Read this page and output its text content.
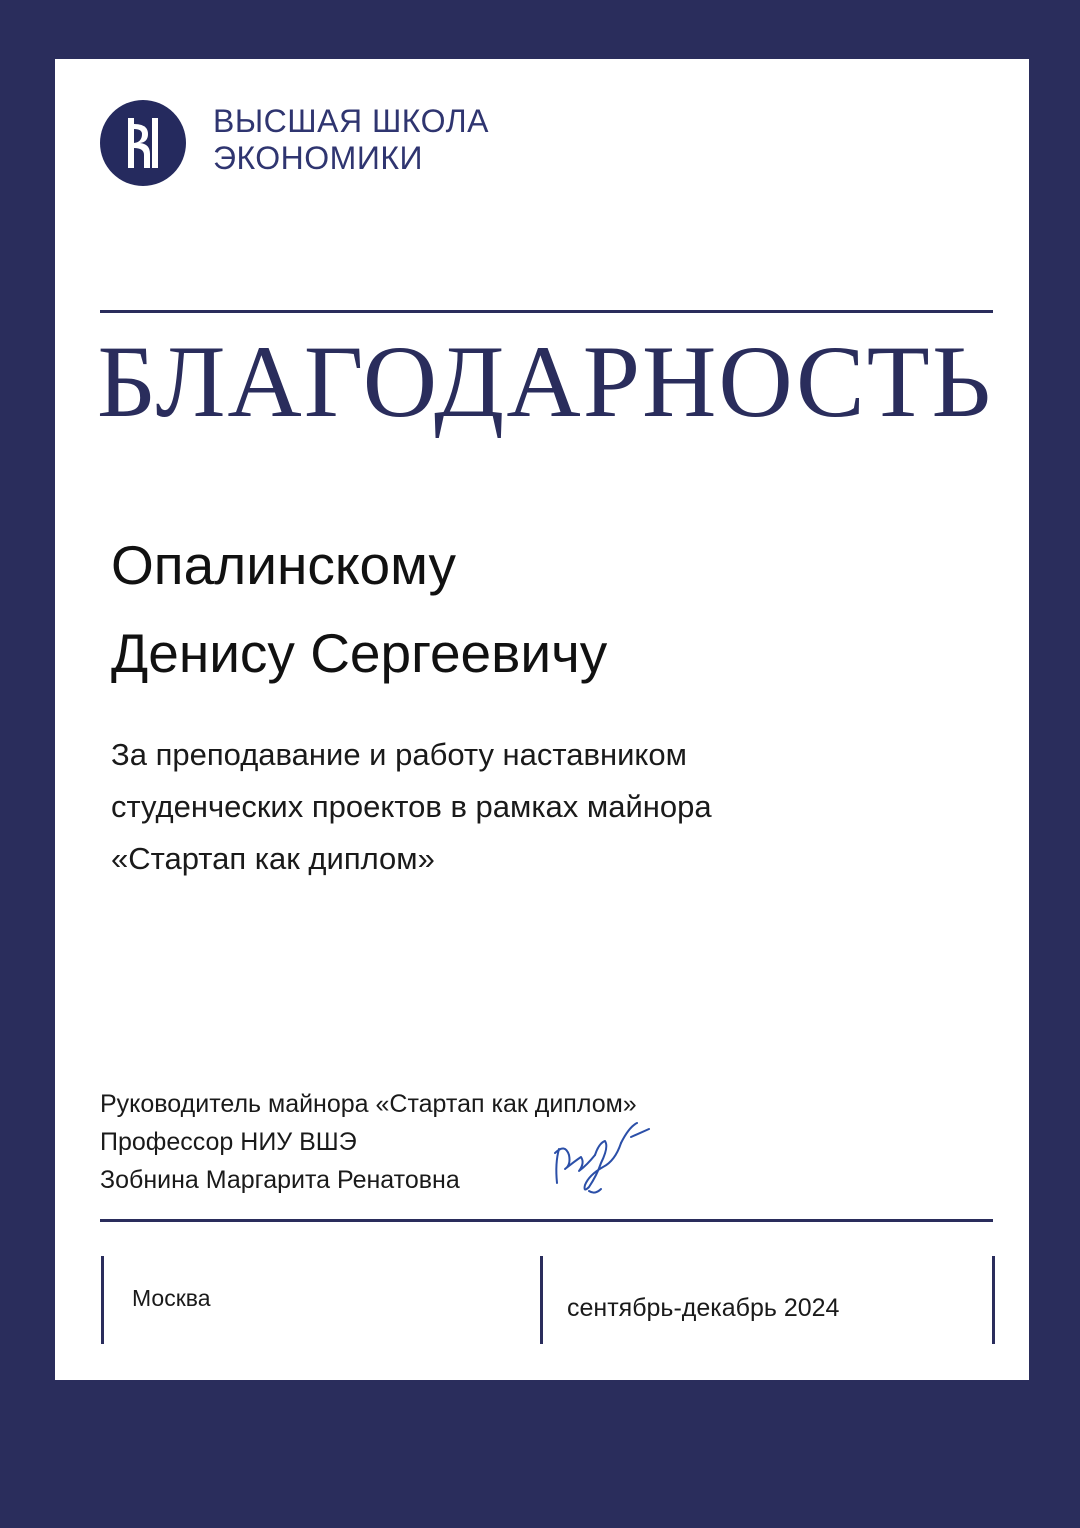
ВЫСШАЯ ШКОЛА
ЭКОНОМИКИ
БЛАГОДАРНОСТЬ
Опалинскому
Денису Сергеевичу
За преподавание и работу наставником
студенческих проектов в рамках майнора
«Стартап как диплом»
Руководитель майнора «Стартап как диплом»
Профессор НИУ ВШЭ
Зобнина Маргарита Ренатовна
Москва	сентябрь-декабрь 2024
